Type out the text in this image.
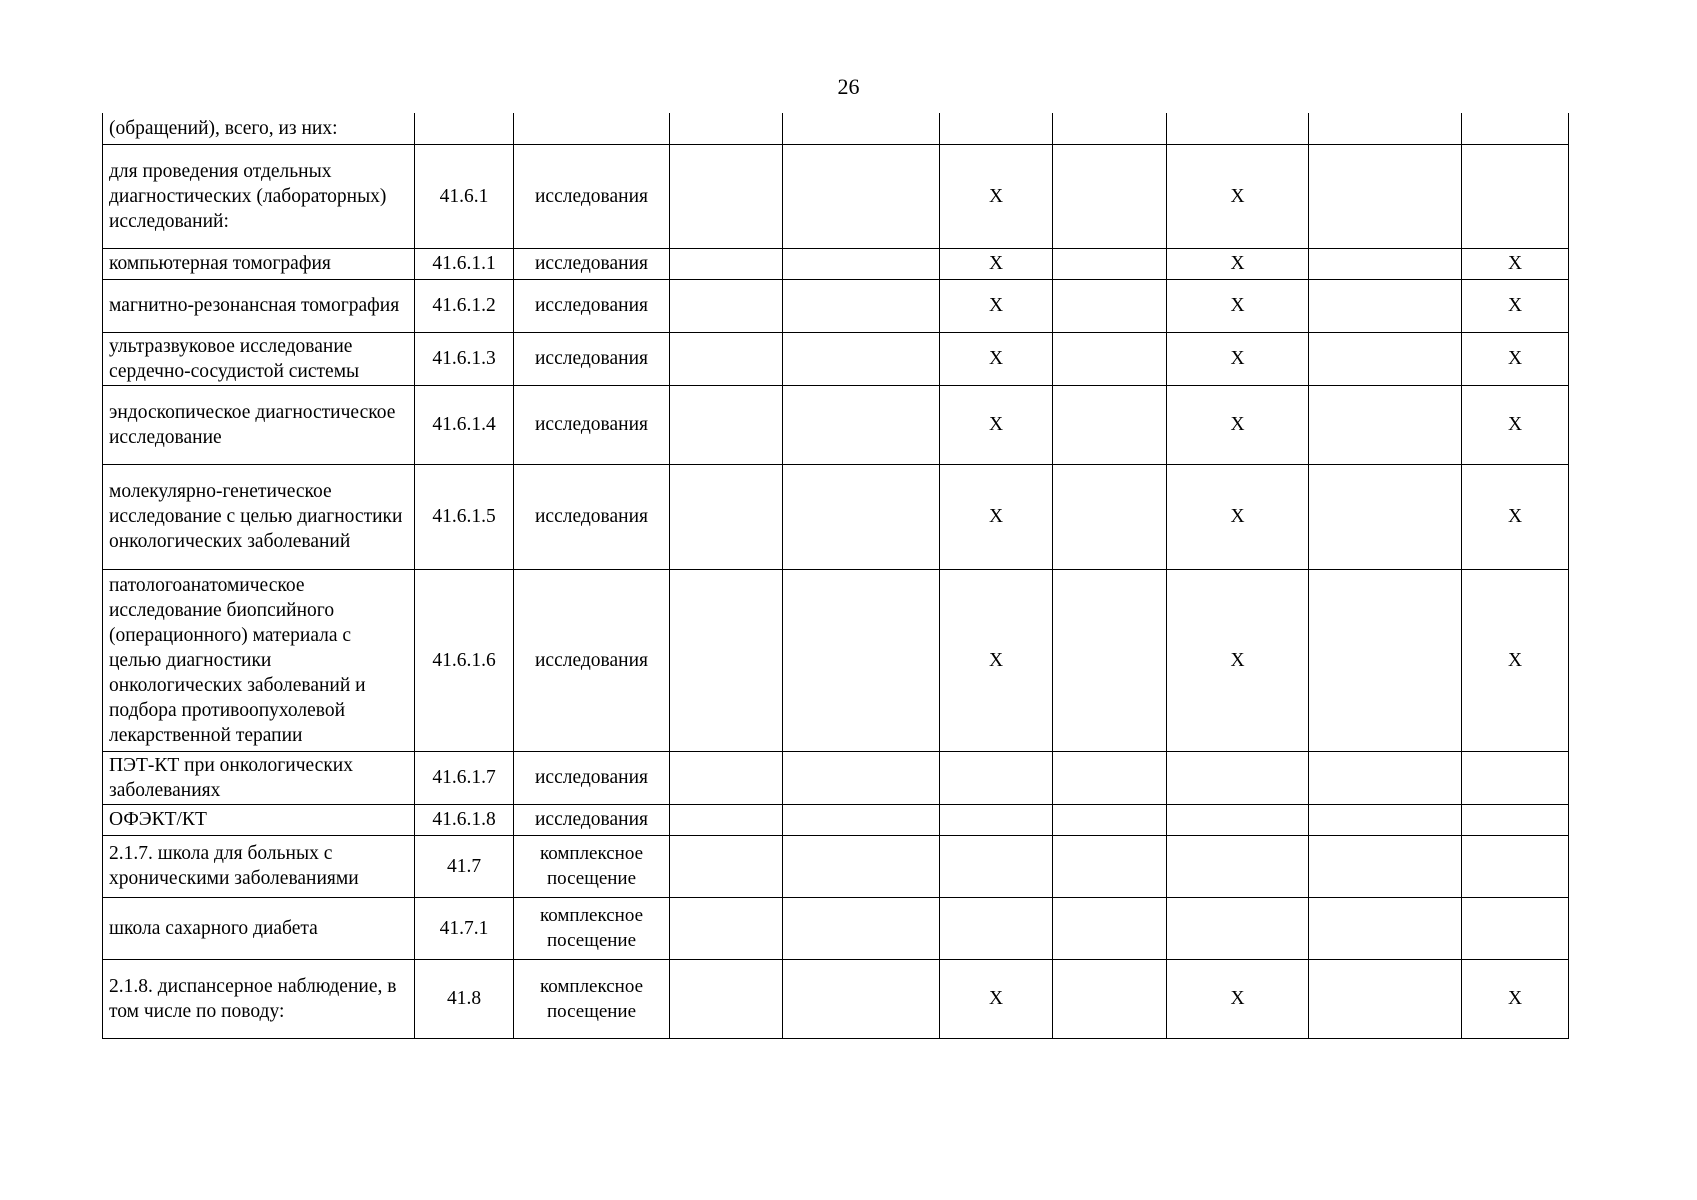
26
(обращений), всего, из них:									
для проведения отдельных диагностических (лабораторных) исследований:	41.6.1	исследования			X		X		
компьютерная томография	41.6.1.1	исследования			X		X		X
магнитно-резонансная томография	41.6.1.2	исследования			X		X		X
ультразвуковое исследование сердечно-сосудистой системы	41.6.1.3	исследования			X		X		X
эндоскопическое диагностическое исследование	41.6.1.4	исследования			X		X		X
молекулярно-генетическое исследование с целью диагностики онкологических заболеваний	41.6.1.5	исследования			X		X		X
патологоанатомическое исследование биопсийного (операционного) материала с целью диагностики онкологических заболеваний и подбора противоопухолевой лекарственной терапии	41.6.1.6	исследования			X		X		X
ПЭТ-КТ при онкологических заболеваниях	41.6.1.7	исследования							
ОФЭКТ/КТ	41.6.1.8	исследования							
2.1.7. школа для больных с хроническими заболеваниями	41.7	комплексное посещение							
школа сахарного диабета	41.7.1	комплексное посещение							
2.1.8. диспансерное наблюдение, в том числе по поводу:	41.8	комплексное посещение			X		X		X
